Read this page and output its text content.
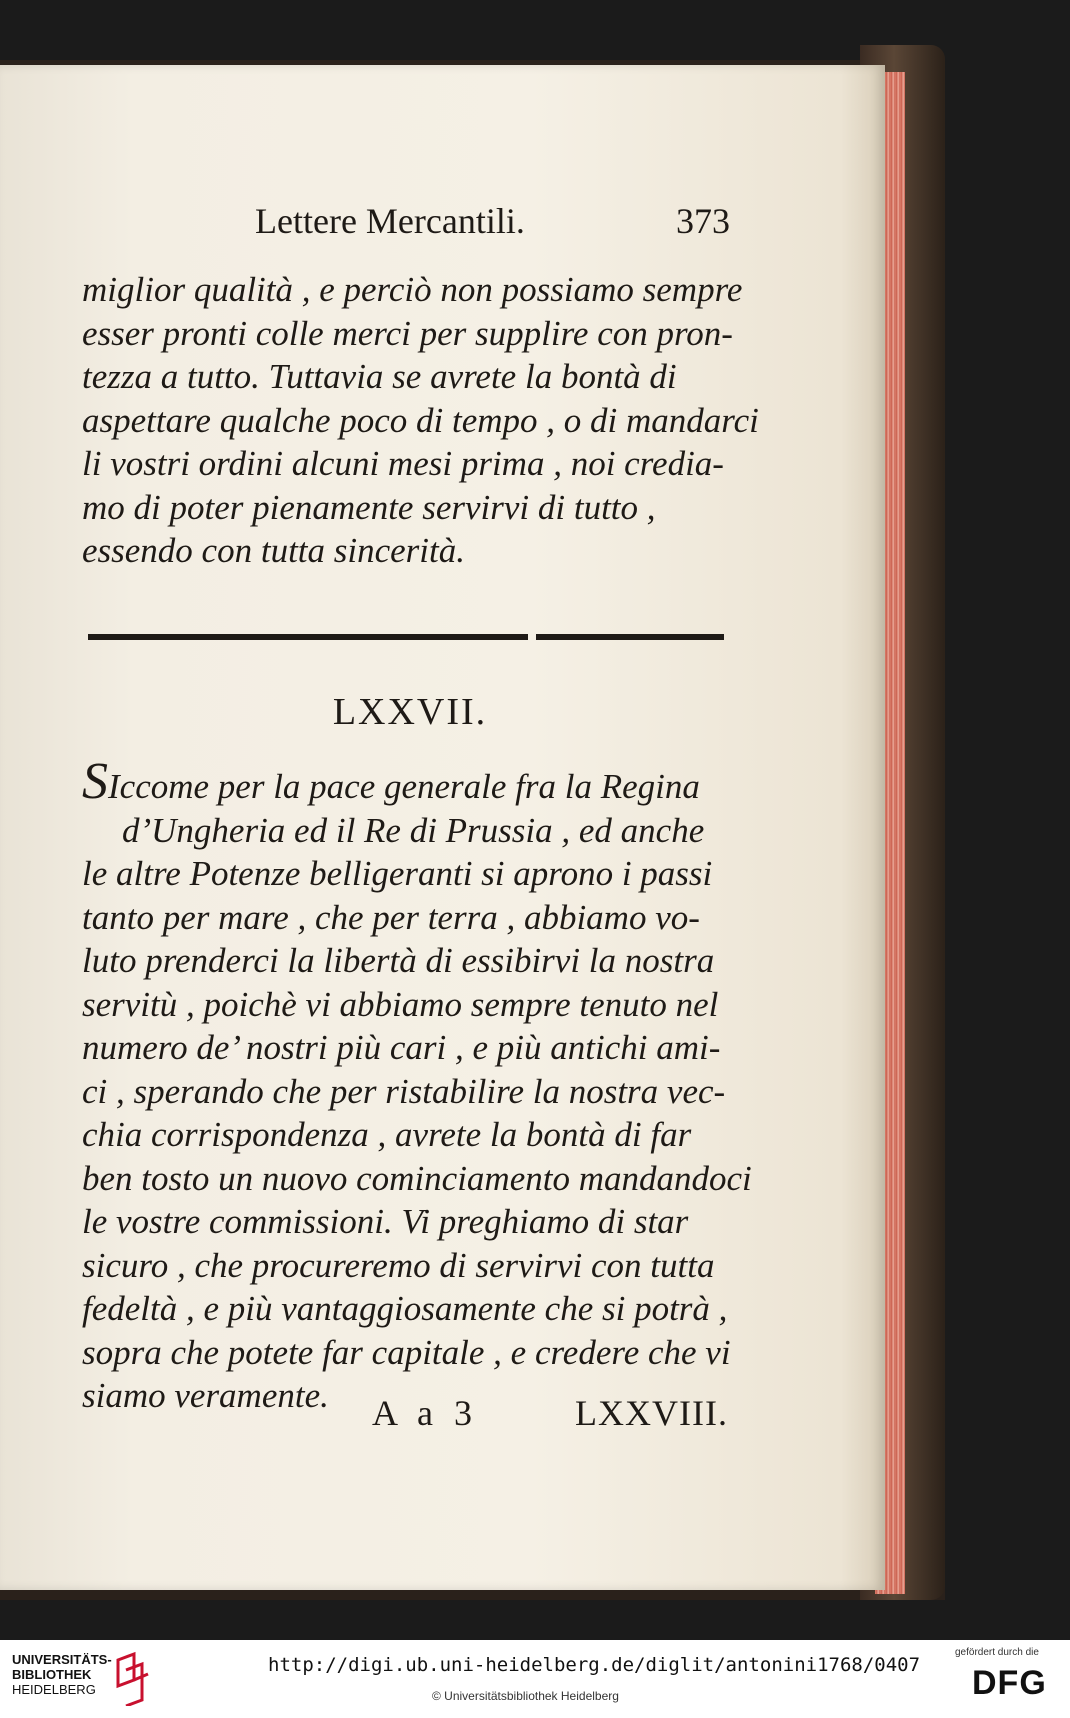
Lettere Mercantili.	373
miglior qualità , e perciò non possiamo sempre
esser pronti colle merci per supplire con pron-
tezza a tutto. Tuttavia se avrete la bontà di
aspettare qualche poco di tempo , o di mandarci
li vostri ordini alcuni mesi prima , noi credia-
mo di poter pienamente servirvi di tutto ,
essendo con tutta sincerità.
LXXVII.
SIccome per la pace generale fra la Regina
d’Ungheria ed il Re di Prussia , ed anche
le altre Potenze belligeranti si aprono i passi
tanto per mare , che per terra , abbiamo vo-
luto prenderci la libertà di essibirvi la nostra
servitù , poichè vi abbiamo sempre tenuto nel
numero de’ nostri più cari , e più antichi ami-
ci , sperando che per ristabilire la nostra vec-
chia corrispondenza , avrete la bontà di far
ben tosto un nuovo cominciamento mandandoci
le vostre commissioni. Vi preghiamo di star
sicuro , che procureremo di servirvi con tutta
fedeltà , e più vantaggiosamente che si potrà ,
sopra che potete far capitale , e credere che vi
siamo veramente.	A a 3	LXXVIII.
UNIVERSITÄTS-
BIBLIOTHEK
HEIDELBERG
http://digi.ub.uni-heidelberg.de/diglit/antonini1768/0407
© Universitätsbibliothek Heidelberg
gefördert durch die
DFG
